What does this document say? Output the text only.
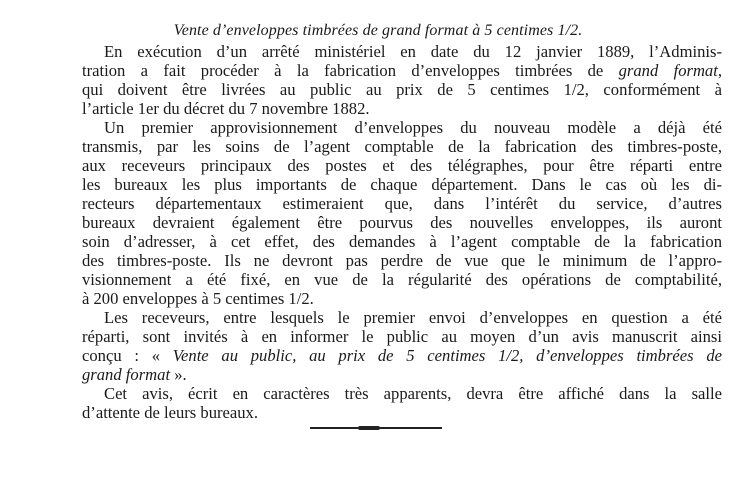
Vente d’enveloppes timbrées de grand format à 5 centimes 1/2.
En exécution d’un arrêté ministériel en date du 12 janvier 1889, l’Adminis-
tration a fait procéder à la fabrication d’enveloppes timbrées de grand format,
qui doivent être livrées au public au prix de 5 centimes 1/2, conformément à
l’article 1er du décret du 7 novembre 1882.
Un premier approvisionnement d’enveloppes du nouveau modèle a déjà été
transmis, par les soins de l’agent comptable de la fabrication des timbres-poste,
aux receveurs principaux des postes et des télégraphes, pour être réparti entre
les bureaux les plus importants de chaque département. Dans le cas où les di-
recteurs départementaux estimeraient que, dans l’intérêt du service, d’autres
bureaux devraient également être pourvus des nouvelles enveloppes, ils auront
soin d’adresser, à cet effet, des demandes à l’agent comptable de la fabrication
des timbres-poste. Ils ne devront pas perdre de vue que le minimum de l’appro-
visionnement a été fixé, en vue de la régularité des opérations de comptabilité,
à 200 enveloppes à 5 centimes 1/2.
Les receveurs, entre lesquels le premier envoi d’enveloppes en question a été
réparti, sont invités à en informer le public au moyen d’un avis manuscrit ainsi
conçu : « Vente au public, au prix de 5 centimes 1/2, d’enveloppes timbrées de
grand format ».
Cet avis, écrit en caractères très apparents, devra être affiché dans la salle
d’attente de leurs bureaux.
